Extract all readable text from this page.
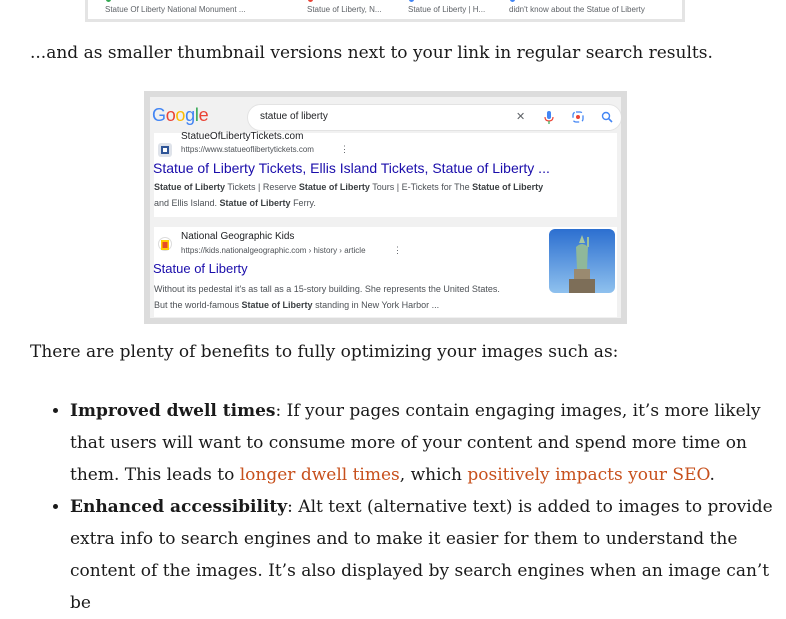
Statue Of Liberty National Monument ...	Statue of Liberty, N...	Statue of Liberty | H...	didn't know about the Statue of Liberty

...and as smaller thumbnail versions next to your link in regular search results.

Google	statue of liberty	✕
StatueOfLibertyTickets.com
https://www.statueoflibertytickets.com	⋮
Statue of Liberty Tickets, Ellis Island Tickets, Statue of Liberty ...
Statue of Liberty Tickets | Reserve Statue of Liberty Tours | E-Tickets for The Statue of Liberty
and Ellis Island. Statue of Liberty Ferry.
National Geographic Kids
https://kids.nationalgeographic.com › history › article	⋮
Statue of Liberty
Without its pedestal it's as tall as a 15-story building. She represents the United States.
But the world-famous Statue of Liberty standing in New York Harbor ...

There are plenty of benefits to fully optimizing your images such as:

• Improved dwell times: If your pages contain engaging images, it’s more likely that users will want to consume more of your content and spend more time on them. This leads to longer dwell times, which positively impacts your SEO.
• Enhanced accessibility: Alt text (alternative text) is added to images to provide extra info to search engines and to make it easier for them to understand the content of the images. It’s also displayed by search engines when an image can’t be
